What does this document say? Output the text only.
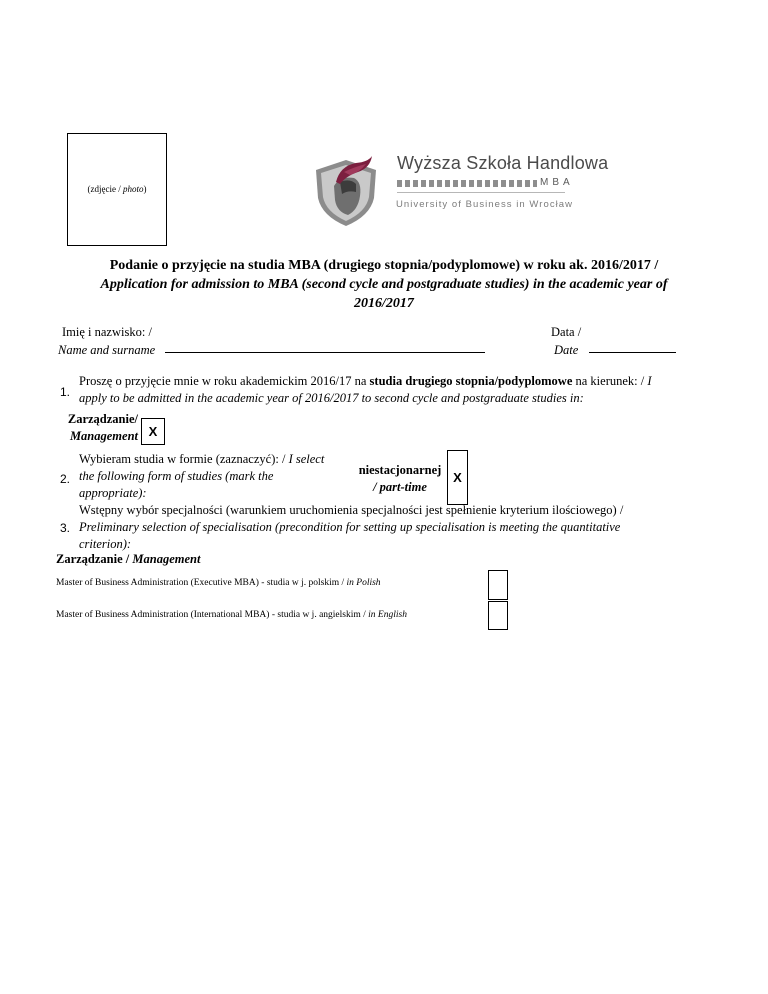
(zdjęcie / photo)
Wyższa Szkoła Handlowa
MBA
University of Business in Wrocław
Podanie o przyjęcie na studia MBA (drugiego stopnia/podyplomowe) w roku ak. 2016/2017 /
Application for admission to MBA (second cycle and postgraduate studies) in the academic year of
2016/2017
Imię i nazwisko: /
Name and surname
Data /
Date
1.
Proszę o przyjęcie mnie w roku akademickim 2016/17 na studia drugiego stopnia/podyplomowe na kierunek: / I
apply to be admitted in the academic year of 2016/2017 to second cycle and postgraduate studies in:
Zarządzanie/
Management X
2.
Wybieram studia w formie (zaznaczyć): / I select
the following form of studies (mark the
appropriate):
niestacjonarnej
/ part-time
X
3.
Wstępny wybór specjalności (warunkiem uruchomienia specjalności jest spełnienie kryterium ilościowego) /
Preliminary selection of specialisation (precondition for setting up specialisation is meeting the quantitative
criterion):
Zarządzanie / Management
Master of Business Administration (Executive MBA) - studia w j. polskim / in Polish
Master of Business Administration (International MBA) - studia w j. angielskim / in English
